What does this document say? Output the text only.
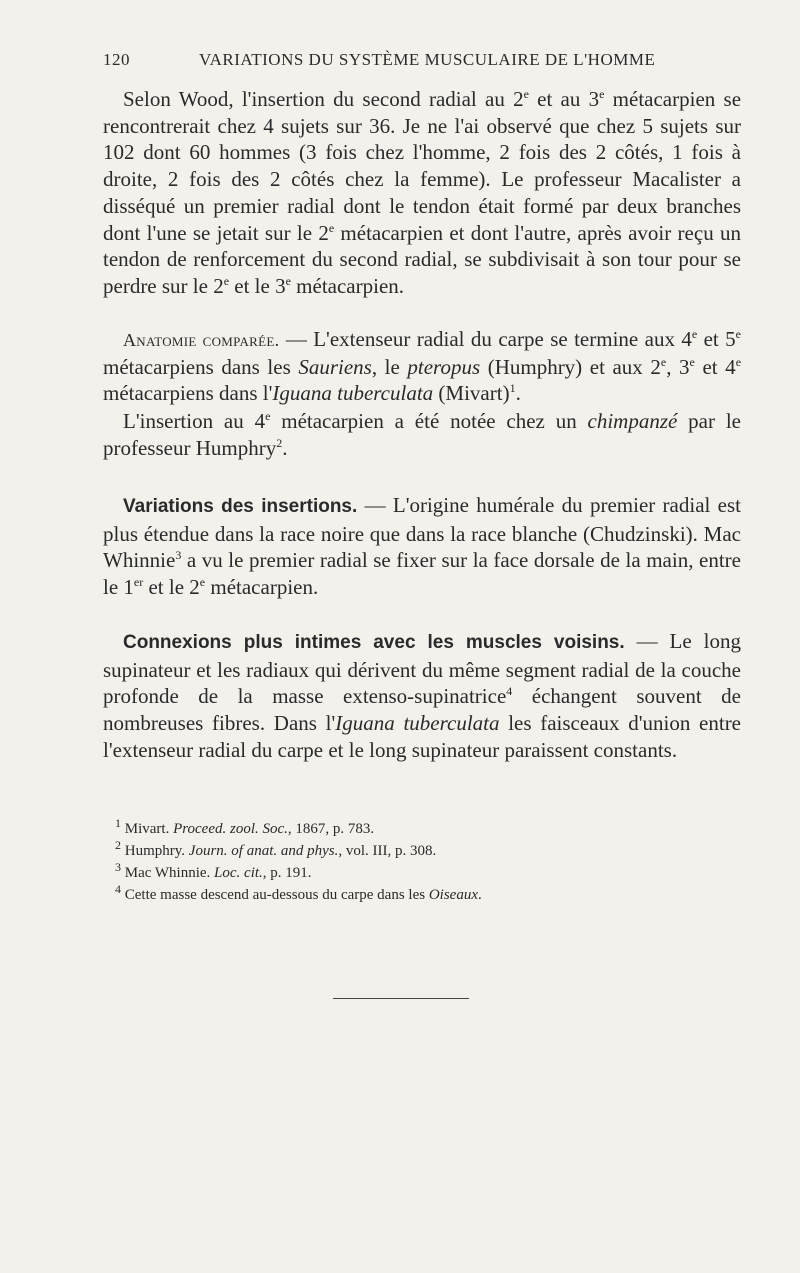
120	VARIATIONS DU SYSTÈME MUSCULAIRE DE L'HOMME

Selon Wood, l'insertion du second radial au 2e et au 3e métacarpien se rencontrerait chez 4 sujets sur 36. Je ne l'ai observé que chez 5 sujets sur 102 dont 60 hommes (3 fois chez l'homme, 2 fois des 2 côtés, 1 fois à droite, 2 fois des 2 côtés chez la femme). Le professeur Macalister a disséqué un premier radial dont le tendon était formé par deux branches dont l'une se jetait sur le 2e métacarpien et dont l'autre, après avoir reçu un tendon de renforcement du second radial, se subdivisait à son tour pour se perdre sur le 2e et le 3e métacarpien.

Anatomie comparée. — L'extenseur radial du carpe se termine aux 4e et 5e métacarpiens dans les Sauriens, le pteropus (Humphry) et aux 2e, 3e et 4e métacarpiens dans l'Iguana tuberculata (Mivart)$^1$.

L'insertion au 4e métacarpien a été notée chez un chimpanzé par le professeur Humphry$^2$.

Variations des insertions. — L'origine humérale du premier radial est plus étendue dans la race noire que dans la race blanche (Chudzinski). Mac Whinnie$^3$ a vu le premier radial se fixer sur la face dorsale de la main, entre le 1er et le 2e métacarpien.

Connexions plus intimes avec les muscles voisins. — Le long supinateur et les radiaux qui dérivent du même segment radial de la couche profonde de la masse extenso-supinatrice$^4$ échangent souvent de nombreuses fibres. Dans l'Iguana tuberculata les faisceaux d'union entre l'extenseur radial du carpe et le long supinateur paraissent constants.

$^1$ Mivart. Proceed. zool. Soc., 1867, p. 783.
$^2$ Humphry. Journ. of anat. and phys., vol. III, p. 308.
$^3$ Mac Whinnie. Loc. cit., p. 191.
$^4$ Cette masse descend au-dessous du carpe dans les Oiseaux.
